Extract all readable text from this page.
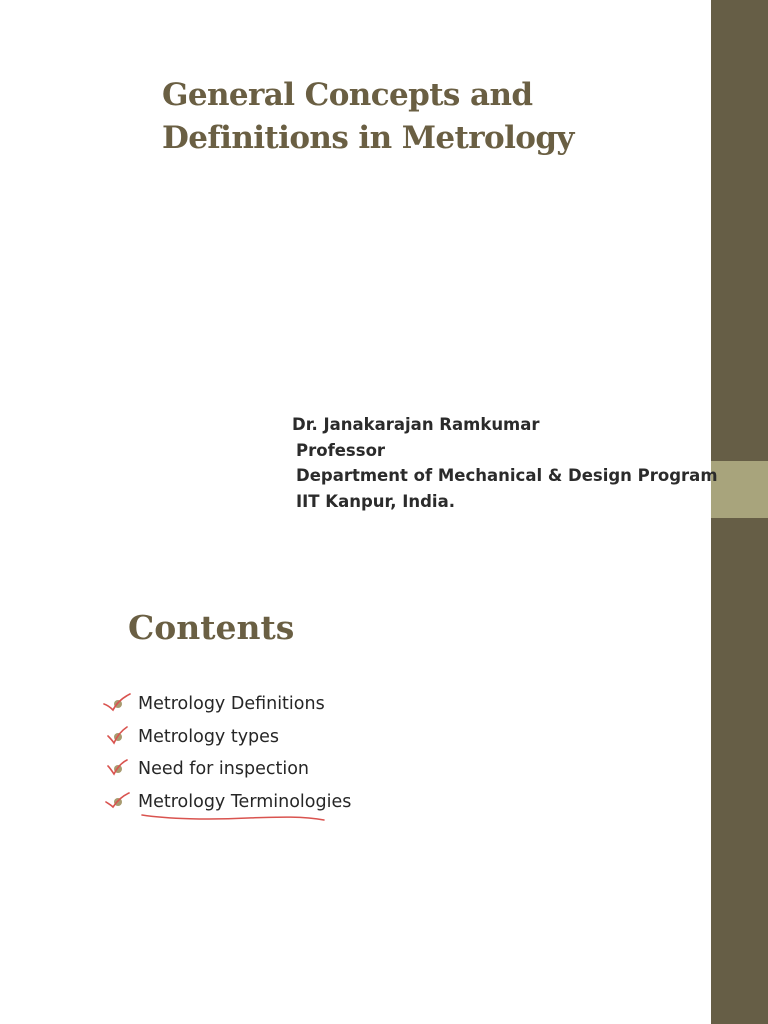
General Concepts and
Definitions in Metrology
Dr. Janakarajan Ramkumar
Professor
Department of Mechanical & Design Program
IIT Kanpur, India.
Contents
Metrology Definitions
Metrology types
Need for inspection
Metrology Terminologies
